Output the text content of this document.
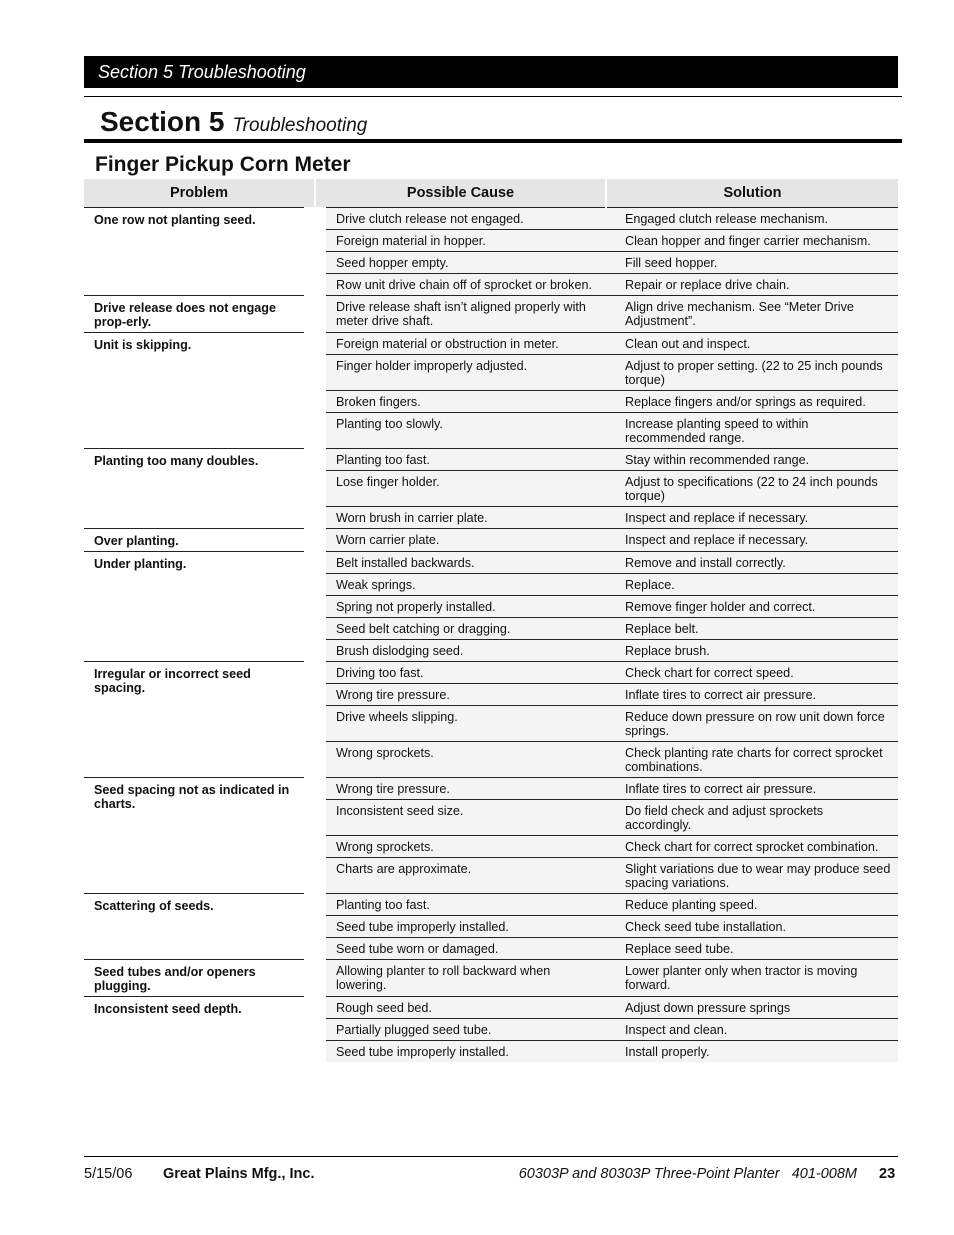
Section 5 Troubleshooting
Section 5 Troubleshooting
Finger Pickup Corn Meter
Problem	Possible Cause	Solution
One row not planting seed.	Drive clutch release not engaged.	Engaged clutch release mechanism.
	Foreign material in hopper.	Clean hopper and finger carrier mechanism.
	Seed hopper empty.	Fill seed hopper.
	Row unit drive chain off of sprocket or broken.	Repair or replace drive chain.
Drive release does not engage prop-erly.	Drive release shaft isn’t aligned properly with meter drive shaft.	Align drive mechanism. See “Meter Drive Adjustment”.
Unit is skipping.	Foreign material or obstruction in meter.	Clean out and inspect.
	Finger holder improperly adjusted.	Adjust to proper setting. (22 to 25 inch pounds torque)
	Broken fingers.	Replace fingers and/or springs as required.
	Planting too slowly.	Increase planting speed to within recommended range.
Planting too many doubles.	Planting too fast.	Stay within recommended range.
	Lose finger holder.	Adjust to specifications (22 to 24 inch pounds torque)
	Worn brush in carrier plate.	Inspect and replace if necessary.
Over planting.	Worn carrier plate.	Inspect and replace if necessary.
Under planting.	Belt installed backwards.	Remove and install correctly.
	Weak springs.	Replace.
	Spring not properly installed.	Remove finger holder and correct.
	Seed belt catching or dragging.	Replace belt.
	Brush dislodging seed.	Replace brush.
Irregular or incorrect seed spacing.	Driving too fast.	Check chart for correct speed.
	Wrong tire pressure.	Inflate tires to correct air pressure.
	Drive wheels slipping.	Reduce down pressure on row unit down force springs.
	Wrong sprockets.	Check planting rate charts for correct sprocket combinations.
Seed spacing not as indicated in charts.	Wrong tire pressure.	Inflate tires to correct air pressure.
	Inconsistent seed size.	Do field check and adjust sprockets accordingly.
	Wrong sprockets.	Check chart for correct sprocket combination.
	Charts are approximate.	Slight variations due to wear may produce seed spacing variations.
Scattering of seeds.	Planting too fast.	Reduce planting speed.
	Seed tube improperly installed.	Check seed tube installation.
	Seed tube worn or damaged.	Replace seed tube.
Seed tubes and/or openers plugging.	Allowing planter to roll backward when lowering.	Lower planter only when tractor is moving forward.
Inconsistent seed depth.	Rough seed bed.	Adjust down pressure springs
	Partially plugged seed tube.	Inspect and clean.
	Seed tube improperly installed.	Install properly.
5/15/06 Great Plains Mfg., Inc.	60303P and 80303P Three-Point Planter   401-008M 23
